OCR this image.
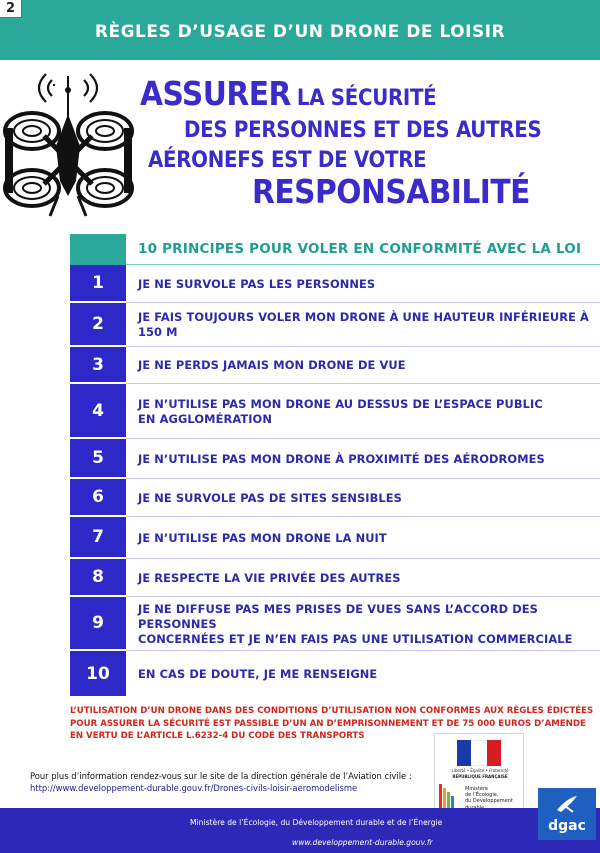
2
RÈGLES D’USAGE D’UN DRONE DE LOISIR
ASSURER LA SÉCURITÉ
DES PERSONNES ET DES AUTRES
AÉRONEFS EST DE VOTRE
RESPONSABILITÉ
10 PRINCIPES POUR VOLER EN CONFORMITÉ AVEC LA LOI
1	JE NE SURVOLE PAS LES PERSONNES
2	JE FAIS TOUJOURS VOLER MON DRONE À UNE HAUTEUR INFÉRIEURE À 150 M
3	JE NE PERDS JAMAIS MON DRONE DE VUE
4	JE N’UTILISE PAS MON DRONE AU DESSUS DE L’ESPACE PUBLIC
EN AGGLOMÉRATION
5	JE N’UTILISE PAS MON DRONE À PROXIMITÉ DES AÉRODROMES
6	JE NE SURVOLE PAS DE SITES SENSIBLES
7	JE N’UTILISE PAS MON DRONE LA NUIT
8	JE RESPECTE LA VIE PRIVÉE DES AUTRES
9
JE NE DIFFUSE PAS MES PRISES DE VUES SANS L’ACCORD DES PERSONNES
CONCERNÉES ET JE N’EN FAIS PAS UNE UTILISATION COMMERCIALE
10	EN CAS DE DOUTE, JE ME RENSEIGNE
L’UTILISATION D’UN DRONE DANS DES CONDITIONS D’UTILISATION NON CONFORMES AUX RÈGLES ÉDICTÉES
POUR ASSURER LA SÉCURITÉ EST PASSIBLE D’UN AN D’EMPRISONNEMENT ET DE 75 000 EUROS D’AMENDE
EN VERTU DE L’ARTICLE L.6232-4 DU CODE DES TRANSPORTS
Pour plus d’information rendez-vous sur le site de la direction générale de l’Aviation civile :
http://www.developpement-durable.gouv.fr/Drones-civils-loisir-aeromodelisme
Liberté • Égalité • Fraternité
RÉPUBLIQUE FRANÇAISE
Ministère
de l’Écologie,
du Développement
Ministère de l’Écologie, du Développement durable et de l’Énergie
www.developpement-durable.gouv.fr
dgac
